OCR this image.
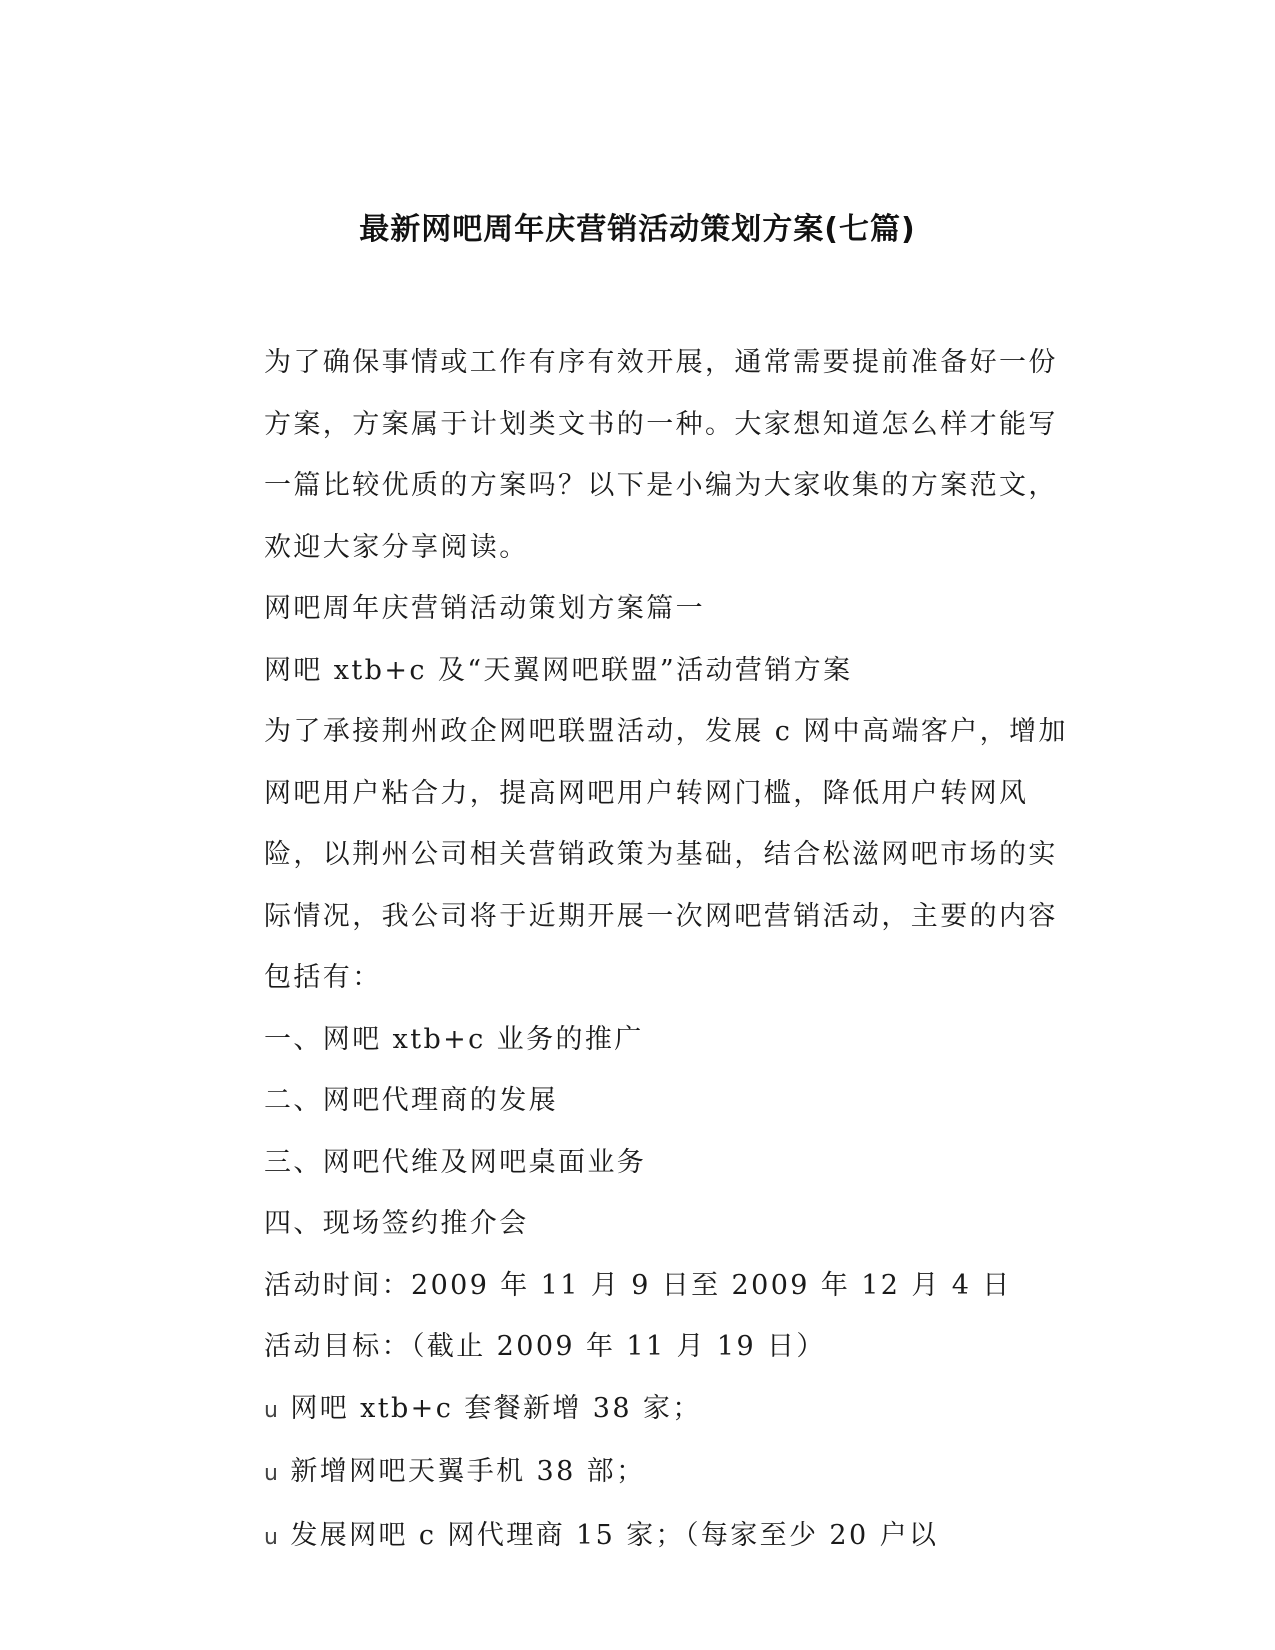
最新网吧周年庆营销活动策划方案(七篇)

为了确保事情或工作有序有效开展，通常需要提前准备好一份方案，方案属于计划类文书的一种。大家想知道怎么样才能写一篇比较优质的方案吗？以下是小编为大家收集的方案范文，欢迎大家分享阅读。

网吧周年庆营销活动策划方案篇一

网吧 xtb+c 及“天翼网吧联盟”活动营销方案

为了承接荆州政企网吧联盟活动，发展 c 网中高端客户，增加网吧用户粘合力，提高网吧用户转网门槛，降低用户转网风险，以荆州公司相关营销政策为基础，结合松滋网吧市场的实际情况，我公司将于近期开展一次网吧营销活动，主要的内容包括有：

一、网吧 xtb+c 业务的推广

二、网吧代理商的发展

三、网吧代维及网吧桌面业务

四、现场签约推介会

活动时间：2009 年 11 月 9 日至 2009 年 12 月 4 日

活动目标：（截止 2009 年 11 月 19 日）

u 网吧 xtb+c 套餐新增 38 家；

u 新增网吧天翼手机 38 部；

u 发展网吧 c 网代理商 15 家；（每家至少 20 户以
